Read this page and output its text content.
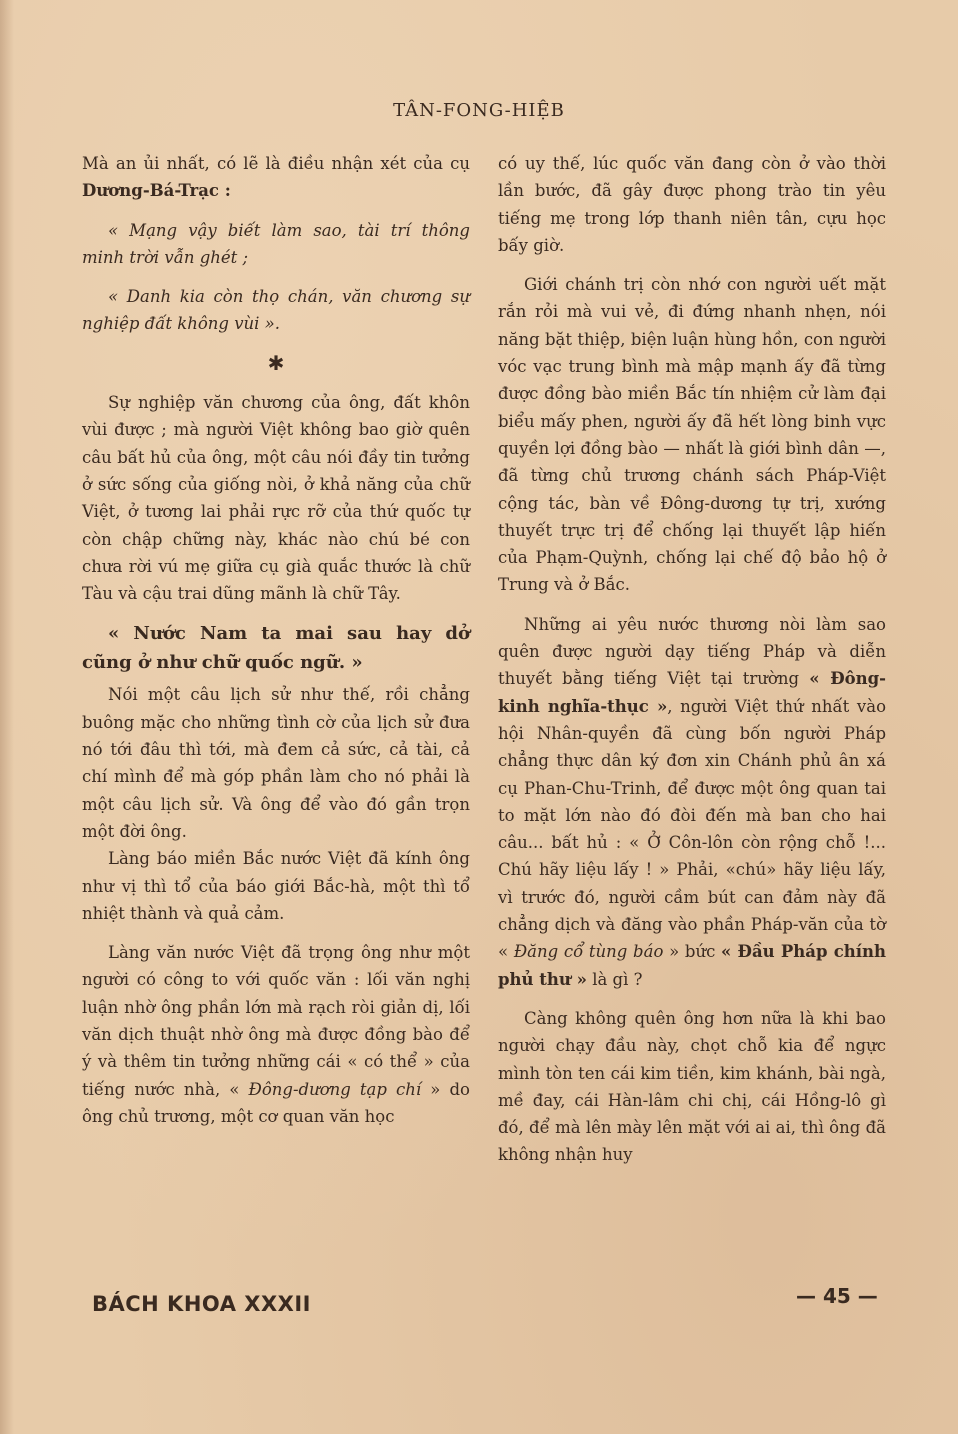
TÂN-FONG-HIỆB

Mà an ủi nhất, có lẽ là điều nhận xét của cụ Dương-Bá-Trạc :

« Mạng vậy biết làm sao, tài trí thông minh trời vẫn ghét ;

« Danh kia còn thọ chán, văn chương sự nghiệp đất không vùi ».

✱

Sự nghiệp văn chương của ông, đất khôn vùi được ; mà người Việt không bao giờ quên câu bất hủ của ông, một câu nói đầy tin tưởng ở sức sống của giống nòi, ở khả năng của chữ Việt, ở tương lai phải rực rỡ của thứ quốc tự còn chập chững này, khác nào chú bé con chưa rời vú mẹ giữa cụ già quắc thước là chữ Tàu và cậu trai dũng mãnh là chữ Tây.

« Nước Nam ta mai sau hay dở cũng ở như chữ quốc ngữ. »

Nói một câu lịch sử như thế, rồi chẳng buông mặc cho những tình cờ của lịch sử đưa nó tới đâu thì tới, mà đem cả sức, cả tài, cả chí mình để mà góp phần làm cho nó phải là một câu lịch sử. Và ông để vào đó gần trọn một đời ông.

Làng báo miền Bắc nước Việt đã kính ông như vị thì tổ của báo giới Bắc-hà, một thì tổ nhiệt thành và quả cảm.

Làng văn nước Việt đã trọng ông như một người có công to với quốc văn : lối văn nghị luận nhờ ông phần lớn mà rạch ròi giản dị, lối văn dịch thuật nhờ ông mà được đồng bào để ý và thêm tin tưởng những cái « có thể » của tiếng nước nhà, « Đông-dương tạp chí » do ông chủ trương, một cơ quan văn học

có uy thế, lúc quốc văn đang còn ở vào thời lần bước, đã gây được phong trào tin yêu tiếng mẹ trong lớp thanh niên tân, cựu học bấy giờ.

Giới chánh trị còn nhớ con người uết mặt rắn rỏi mà vui vẻ, đi đứng nhanh nhẹn, nói năng bặt thiệp, biện luận hùng hồn, con người vóc vạc trung bình mà mập mạnh ấy đã từng được đồng bào miền Bắc tín nhiệm cử làm đại biểu mấy phen, người ấy đã hết lòng binh vực quyền lợi đồng bào — nhất là giới bình dân —, đã từng chủ trương chánh sách Pháp-Việt cộng tác, bàn về Đông-dương tự trị, xướng thuyết trực trị để chống lại thuyết lập hiến của Phạm-Quỳnh, chống lại chế độ bảo hộ ở Trung và ở Bắc.

Những ai yêu nước thương nòi làm sao quên được người dạy tiếng Pháp và diễn thuyết bằng tiếng Việt tại trường « Đông-kinh nghĩa-thục », người Việt thứ nhất vào hội Nhân-quyền đã cùng bốn người Pháp chẳng thực dân ký đơn xin Chánh phủ ân xá cụ Phan-Chu-Trinh, để được một ông quan tai to mặt lớn nào đó đòi đến mà ban cho hai câu... bất hủ : « Ở Côn-lôn còn rộng chỗ !... Chú hãy liệu lấy ! » Phải, «chú» hãy liệu lấy, vì trước đó, người cầm bút can đảm này đã chẳng dịch và đăng vào phần Pháp-văn của tờ « Đăng cổ tùng báo » bức « Đầu Pháp chính phủ thư » là gì ?

Càng không quên ông hơn nữa là khi bao người chạy đầu này, chọt chỗ kia để ngực mình tòn ten cái kim tiền, kim khánh, bài ngà, mề đay, cái Hàn-lâm chi chị, cái Hồng-lô gì đó, để mà lên mày lên mặt với ai ai, thì ông đã không nhận huy

BÁCH KHOA XXXII	— 45 —
